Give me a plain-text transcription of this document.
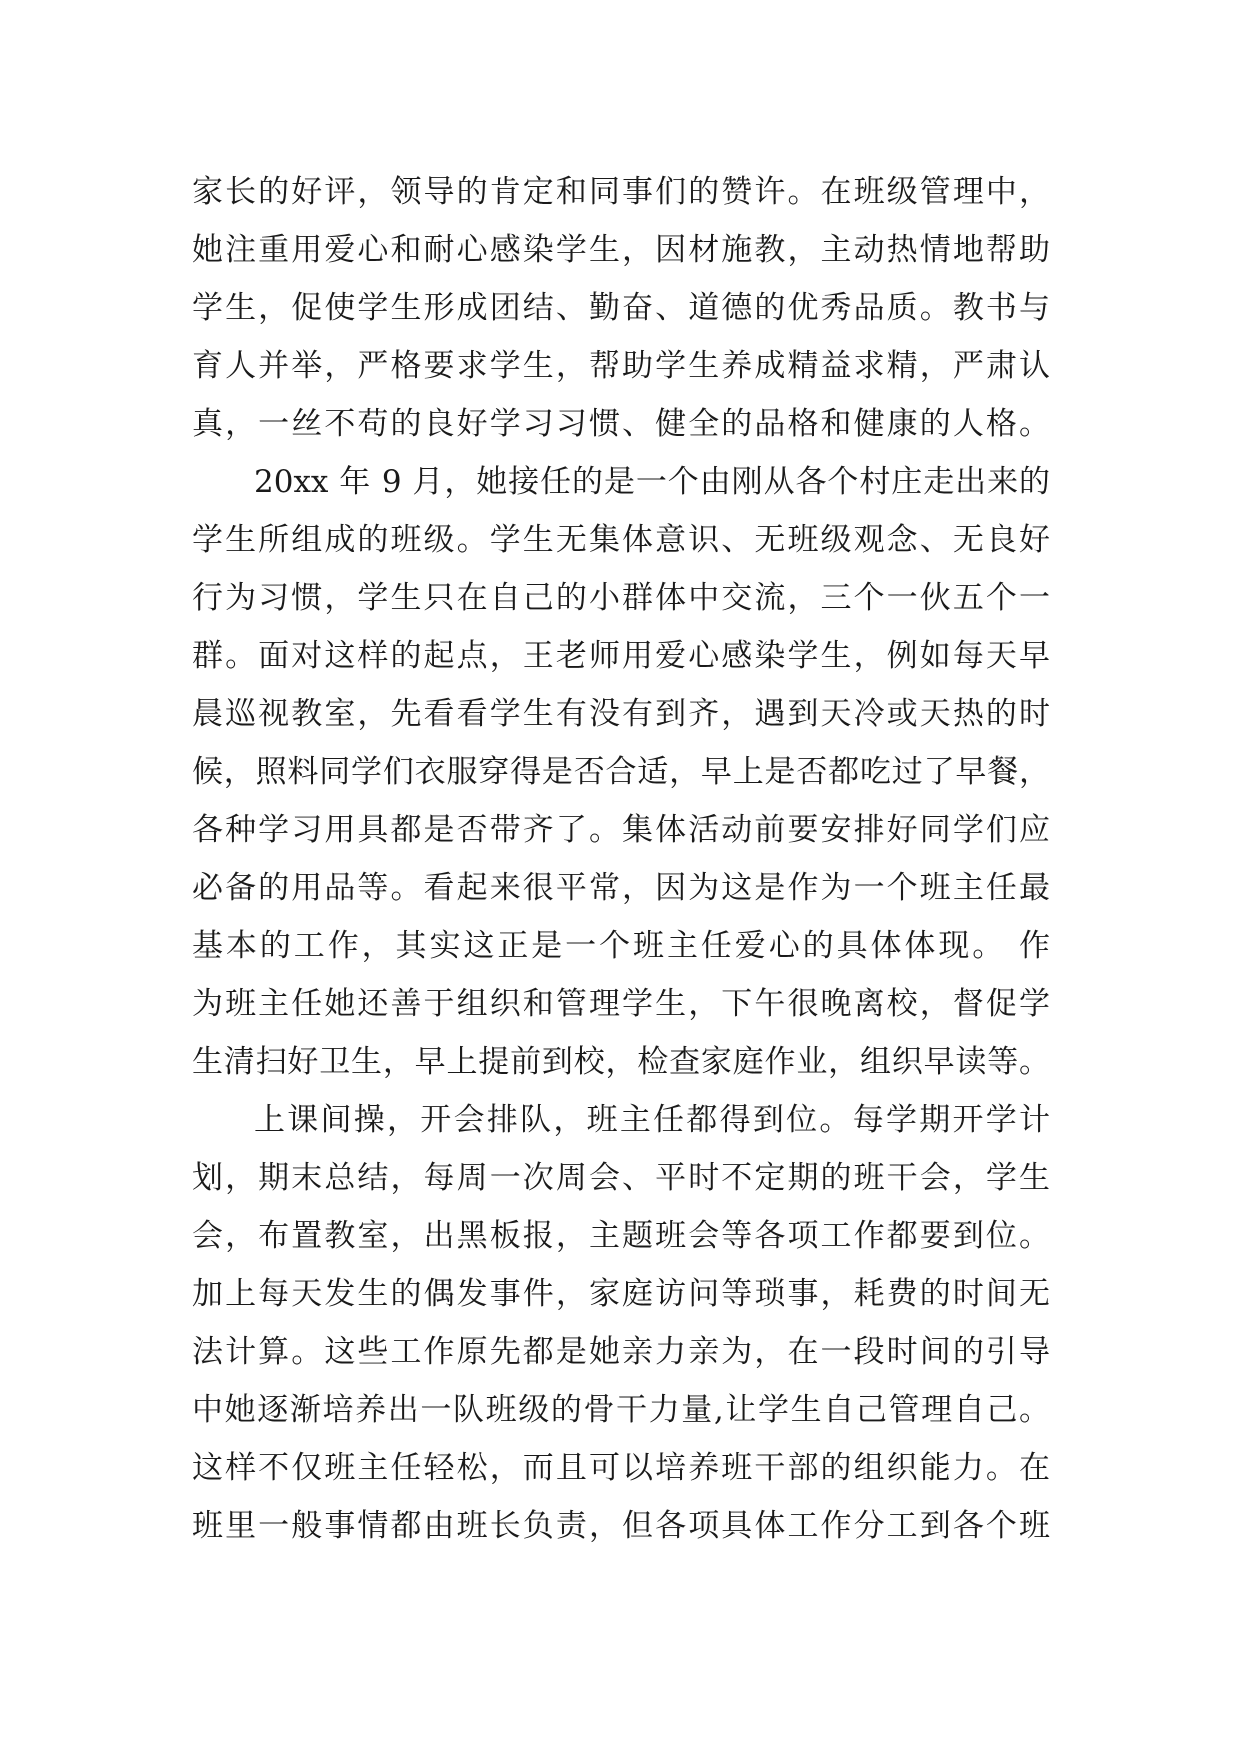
家长的好评，领导的肯定和同事们的赞许。在班级管理中，
她注重用爱心和耐心感染学生，因材施教，主动热情地帮助
学生，促使学生形成团结、勤奋、道德的优秀品质。教书与
育人并举，严格要求学生，帮助学生养成精益求精，严肃认
真，一丝不苟的良好学习习惯、健全的品格和健康的人格。
20xx 年 9 月，她接任的是一个由刚从各个村庄走出来的
学生所组成的班级。学生无集体意识、无班级观念、无良好
行为习惯，学生只在自己的小群体中交流，三个一伙五个一
群。面对这样的起点，王老师用爱心感染学生，例如每天早
晨巡视教室，先看看学生有没有到齐，遇到天冷或天热的时
候，照料同学们衣服穿得是否合适，早上是否都吃过了早餐，
各种学习用具都是否带齐了。集体活动前要安排好同学们应
必备的用品等。看起来很平常，因为这是作为一个班主任最
基本的工作，其实这正是一个班主任爱心的具体体现。 作
为班主任她还善于组织和管理学生，下午很晚离校，督促学
生清扫好卫生，早上提前到校，检查家庭作业，组织早读等。
上课间操，开会排队，班主任都得到位。每学期开学计
划，期末总结，每周一次周会、平时不定期的班干会，学生
会，布置教室，出黑板报，主题班会等各项工作都要到位。
加上每天发生的偶发事件，家庭访问等琐事，耗费的时间无
法计算。这些工作原先都是她亲力亲为，在一段时间的引导
中她逐渐培养出一队班级的骨干力量,让学生自己管理自己。
这样不仅班主任轻松，而且可以培养班干部的组织能力。在
班里一般事情都由班长负责，但各项具体工作分工到各个班
